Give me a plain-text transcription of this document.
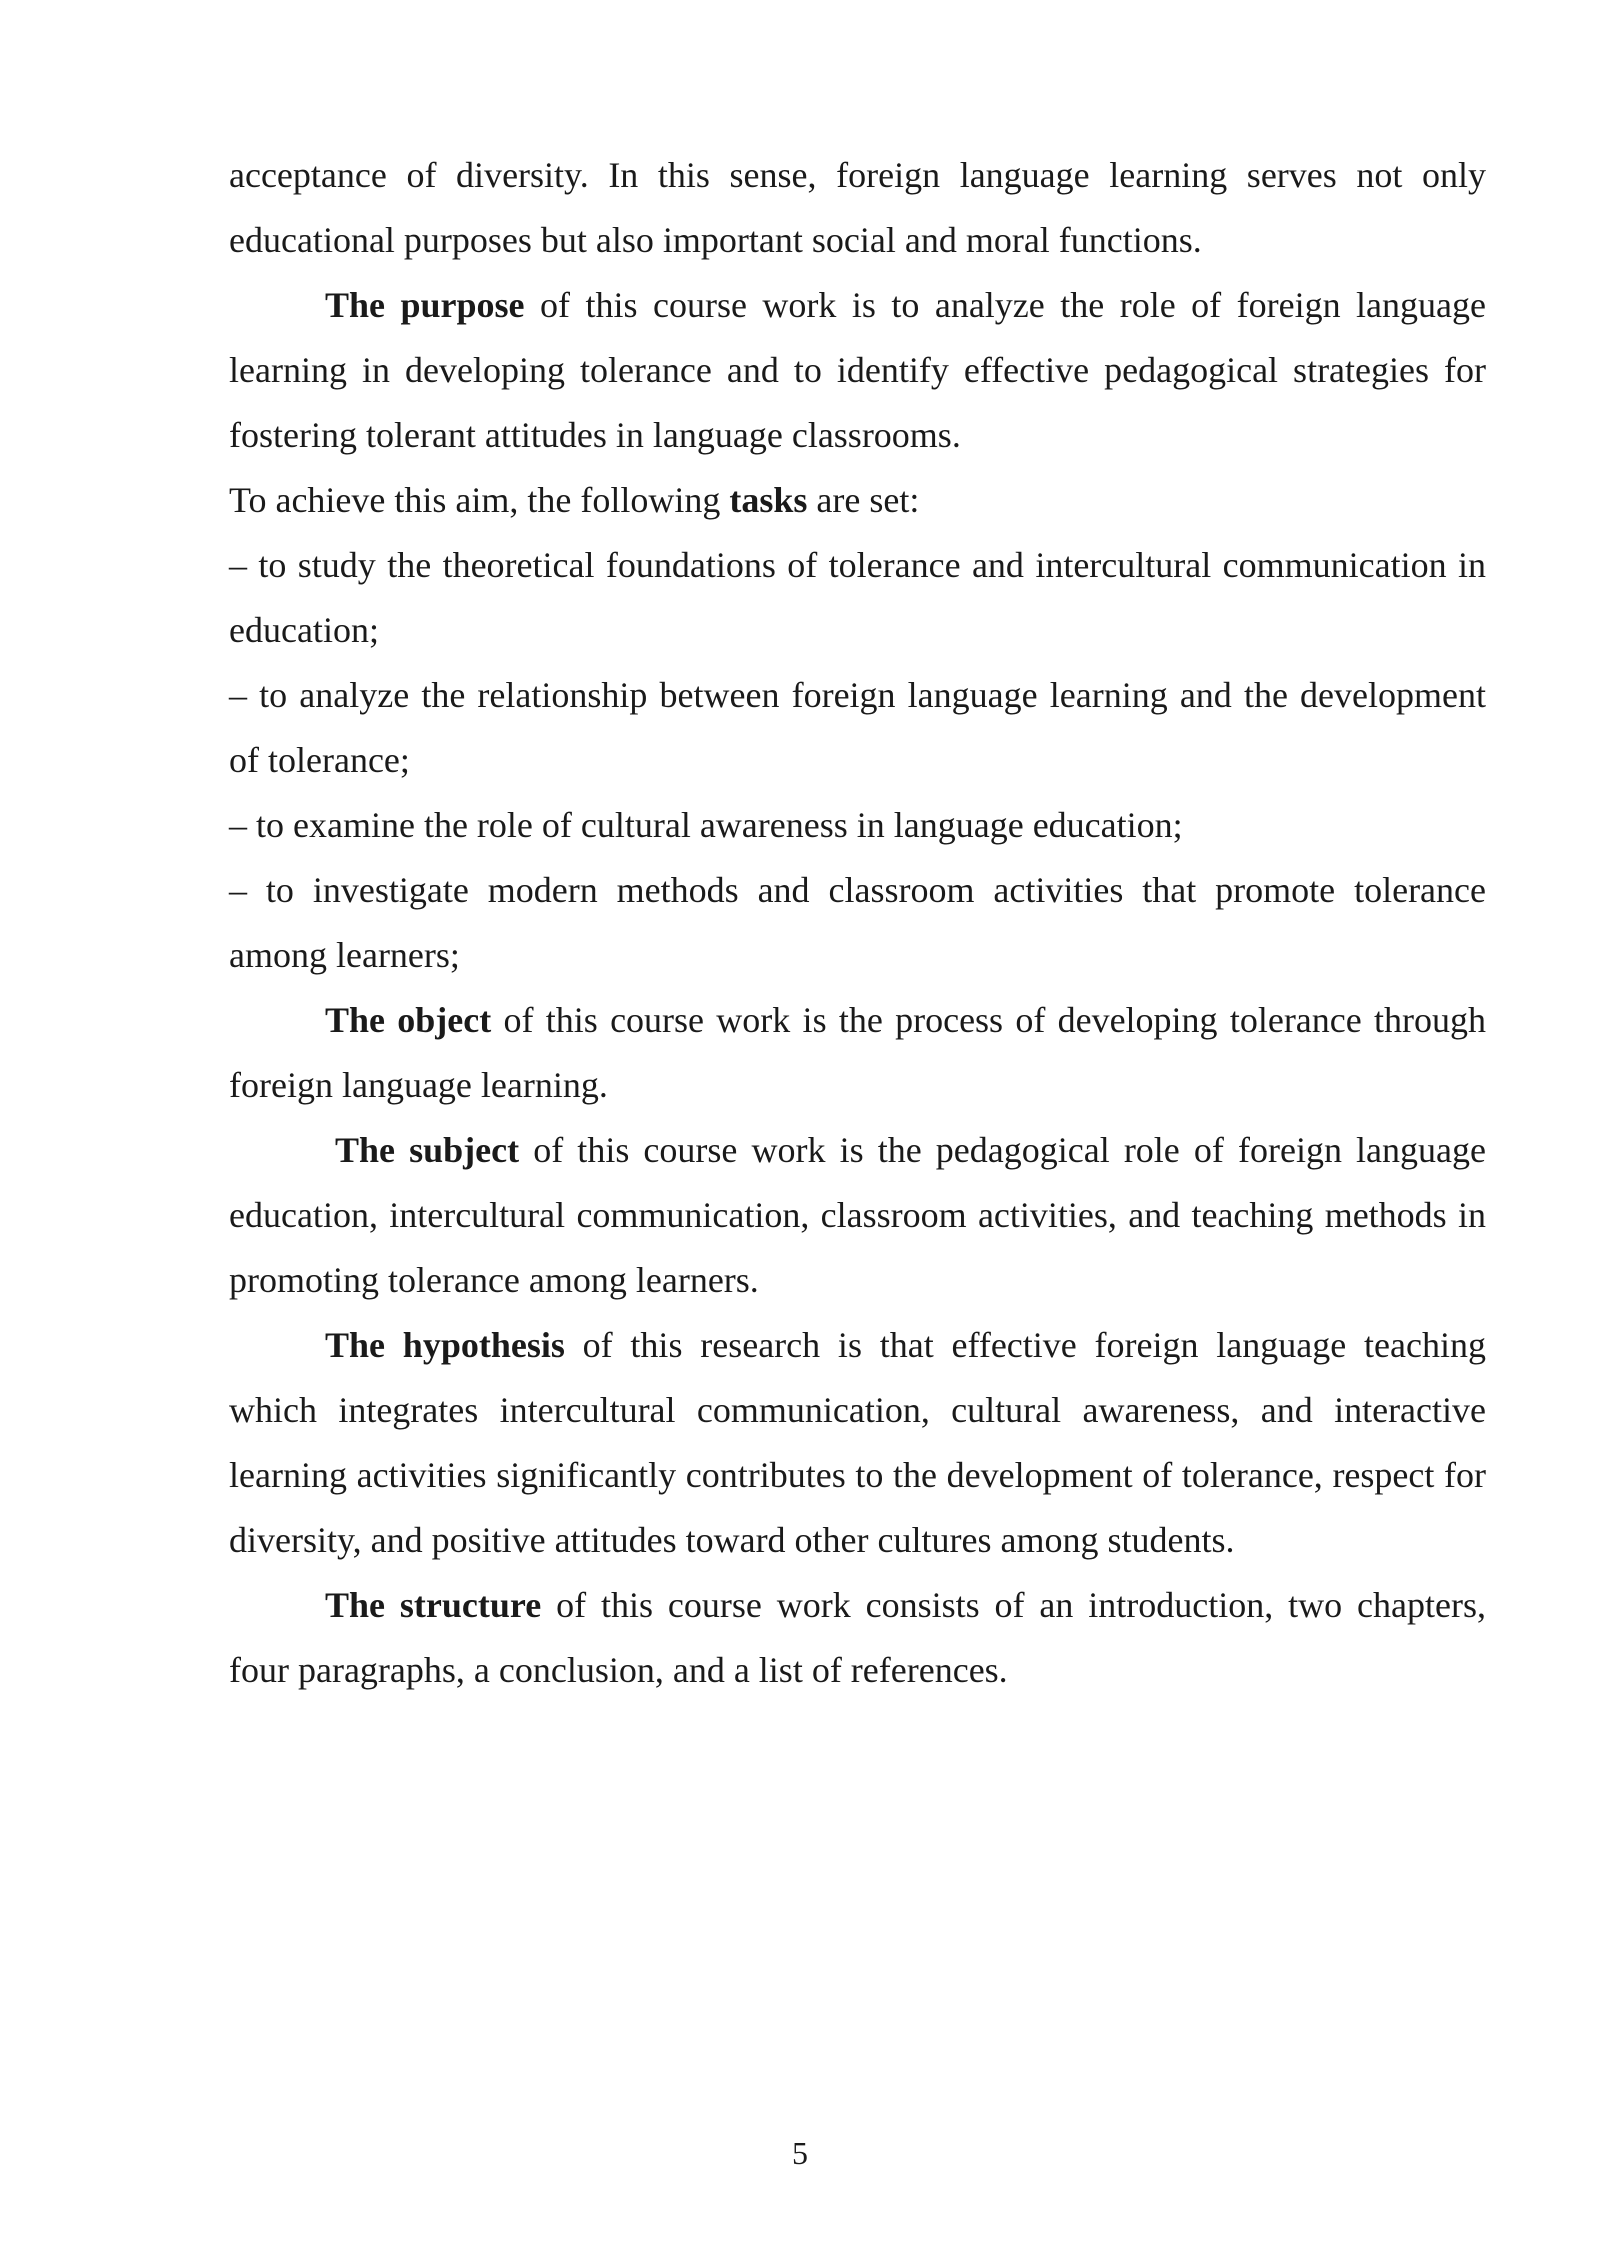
acceptance of diversity. In this sense, foreign language learning serves not only educational purposes but also important social and moral functions.

The purpose of this course work is to analyze the role of foreign language learning in developing tolerance and to identify effective pedagogical strategies for fostering tolerant attitudes in language classrooms.

To achieve this aim, the following tasks are set:

– to study the theoretical foundations of tolerance and intercultural communication in education;

– to analyze the relationship between foreign language learning and the development of tolerance;

– to examine the role of cultural awareness in language education;

– to investigate modern methods and classroom activities that promote tolerance among learners;

The object of this course work is the process of developing tolerance through foreign language learning.

The subject of this course work is the pedagogical role of foreign language education, intercultural communication, classroom activities, and teaching methods in promoting tolerance among learners.

The hypothesis of this research is that effective foreign language teaching which integrates intercultural communication, cultural awareness, and interactive learning activities significantly contributes to the development of tolerance, respect for diversity, and positive attitudes toward other cultures among students.

The structure of this course work consists of an introduction, two chapters, four paragraphs, a conclusion, and a list of references.

5
